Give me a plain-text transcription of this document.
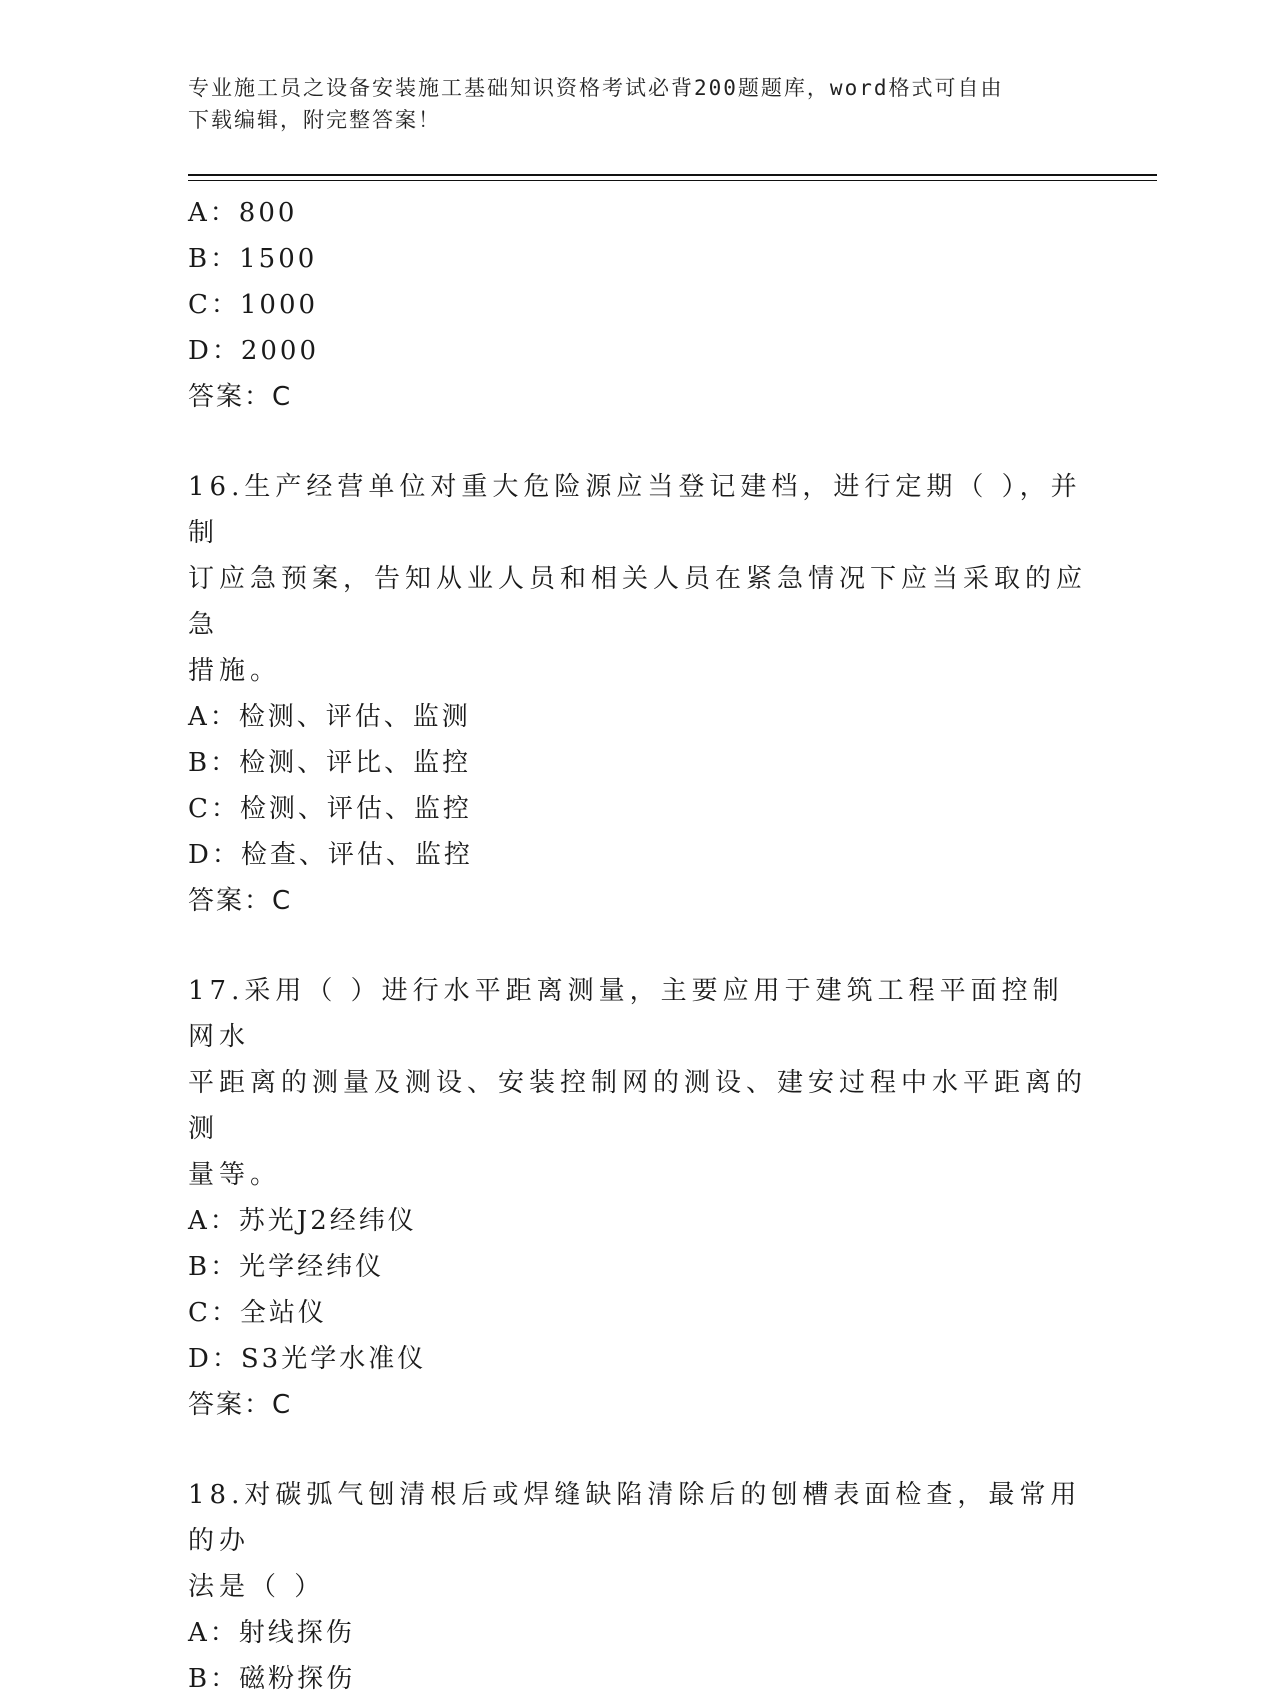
专业施工员之设备安装施工基础知识资格考试必背200题题库，word格式可自由
下载编辑，附完整答案！
A：800
B：1500
C：1000
D：2000
答案：C
16.生产经营单位对重大危险源应当登记建档，进行定期（ ），并制
订应急预案，告知从业人员和相关人员在紧急情况下应当采取的应急
措施。
A：检测、评估、监测
B：检测、评比、监控
C：检测、评估、监控
D：检查、评估、监控
答案：C
17.采用（ ）进行水平距离测量，主要应用于建筑工程平面控制网水
平距离的测量及测设、安装控制网的测设、建安过程中水平距离的测
量等。
A：苏光J2经纬仪
B：光学经纬仪
C：全站仪
D：S3光学水准仪
答案：C
18.对碳弧气刨清根后或焊缝缺陷清除后的刨槽表面检查，最常用的办
法是（ ）
A：射线探伤
B：磁粉探伤
